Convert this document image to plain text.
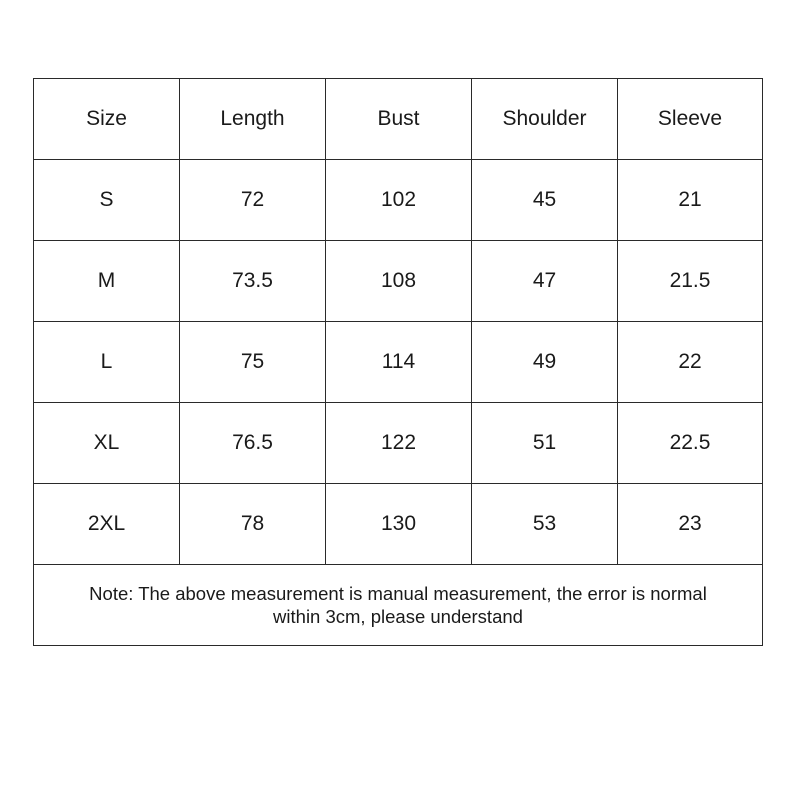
Size	Length	Bust	Shoulder	Sleeve
S	72	102	45	21
M	73.5	108	47	21.5
L	75	114	49	22
XL	76.5	122	51	22.5
2XL	78	130	53	23
Note: The above measurement is manual measurement, the error is normal within 3cm, please understand				
